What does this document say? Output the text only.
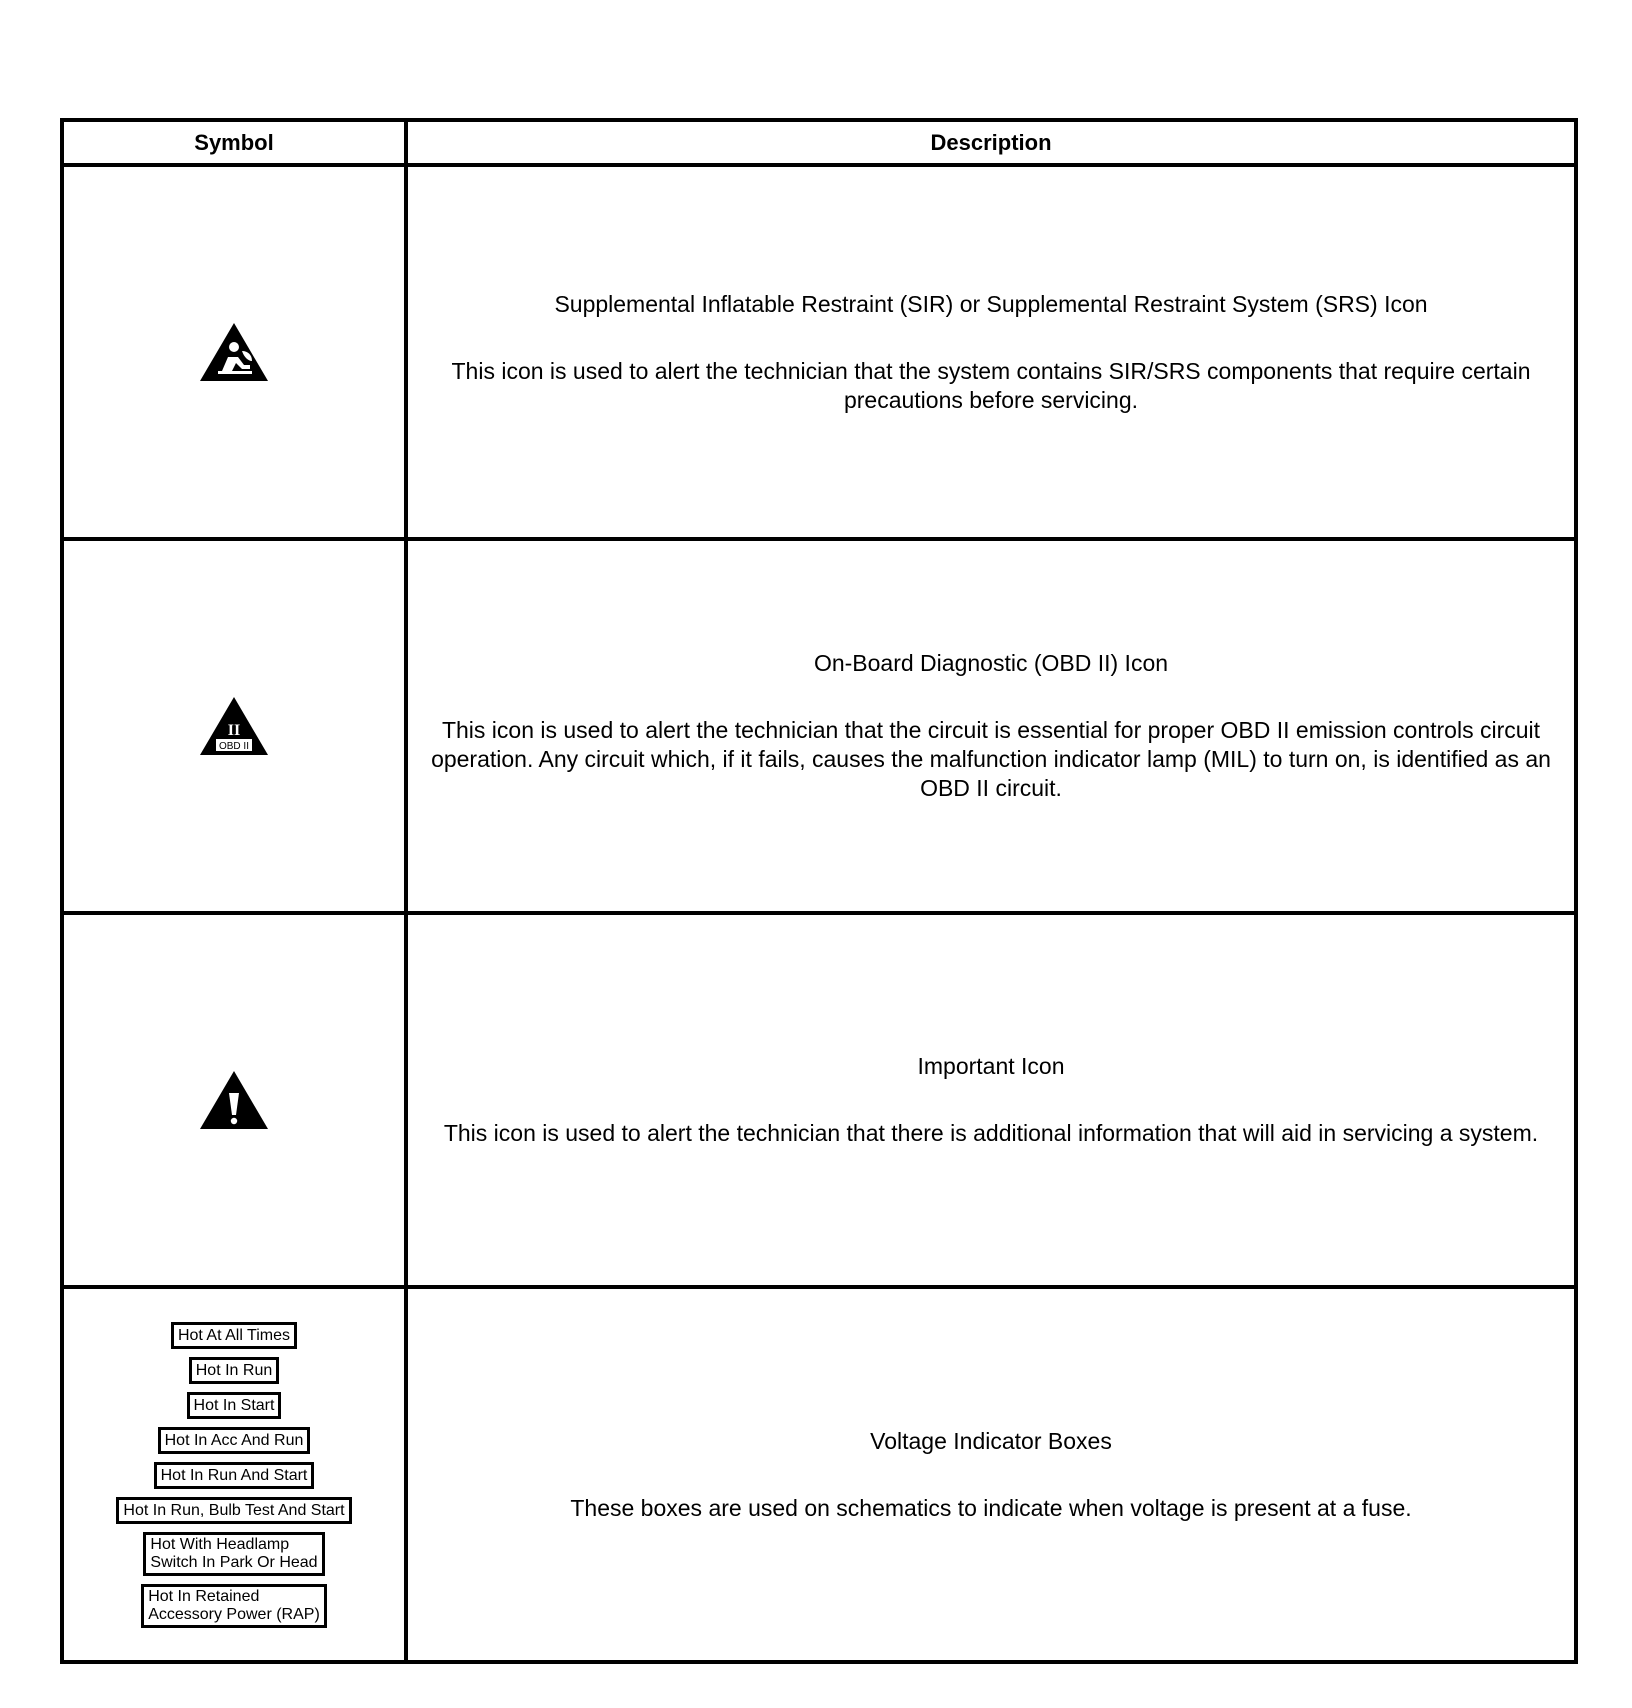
Symbol	Description

Supplemental Inflatable Restraint (SIR) or Supplemental Restraint System (SRS) Icon

This icon is used to alert the technician that the system contains SIR/SRS components that require certain precautions before servicing.

II
OBD II

On-Board Diagnostic (OBD II) Icon

This icon is used to alert the technician that the circuit is essential for proper OBD II emission controls circuit operation. Any circuit which, if it fails, causes the malfunction indicator lamp (MIL) to turn on, is identified as an OBD II circuit.

Important Icon

This icon is used to alert the technician that there is additional information that will aid in servicing a system.

Hot At All Times
Hot In Run
Hot In Start
Hot In Acc And Run
Hot In Run And Start
Hot In Run, Bulb Test And Start
Hot With Headlamp
Switch In Park Or Head
Hot In Retained
Accessory Power (RAP)

Voltage Indicator Boxes

These boxes are used on schematics to indicate when voltage is present at a fuse.
